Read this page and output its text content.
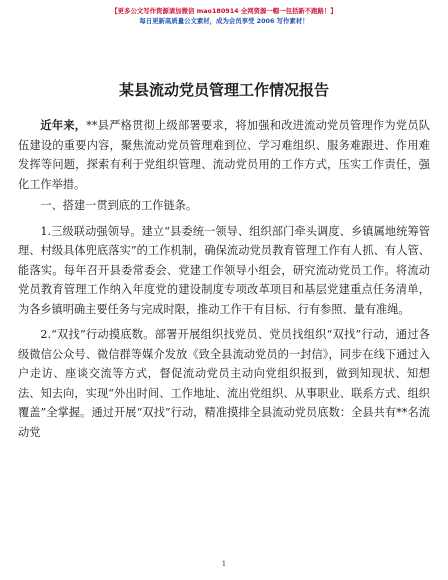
【更多公文写作资源请加微信 mao180914 全网资源一帽一包括新不跑路！】
每日更新高质量公文素材，成为会员享受 2006 写作素材！
某县流动党员管理工作情况报告

近年来，**县严格贯彻上级部署要求，将加强和改进流动党员管理作为党员队伍建设的重要内容，聚焦流动党员管理难到位、学习难组织、服务难跟进、作用难发挥等问题，探索有利于党组织管理、流动党员用的工作方式，压实工作责任，强化工作举措。

一、搭建一贯到底的工作链条。

1.三级联动强领导。建立“县委统一领导、组织部门牵头调度、乡镇属地统筹管理、村级具体兜底落实”的工作机制，确保流动党员教育管理工作有人抓、有人管、能落实。每年召开县委常委会、党建工作领导小组会，研究流动党员工作。将流动党员教育管理工作纳入年度党的建设制度专项改革项目和基层党建重点任务清单，为各乡镇明确主要任务与完成时限，推动工作干有目标、行有参照、量有准绳。

2.“双找”行动摸底数。部署开展组织找党员、党员找组织“双找”行动，通过各级微信公众号、微信群等媒介发放《致全县流动党员的一封信》，同步在线下通过入户走访、座谈交流等方式，督促流动党员主动向党组织报到，做到知现状、知想法、知去向，实现“外出时间、工作地址、流出党组织、从事职业、联系方式、组织覆盖”全掌握。通过开展“双找”行动，精准摸排全县流动党员底数：全县共有**名流动党

1
